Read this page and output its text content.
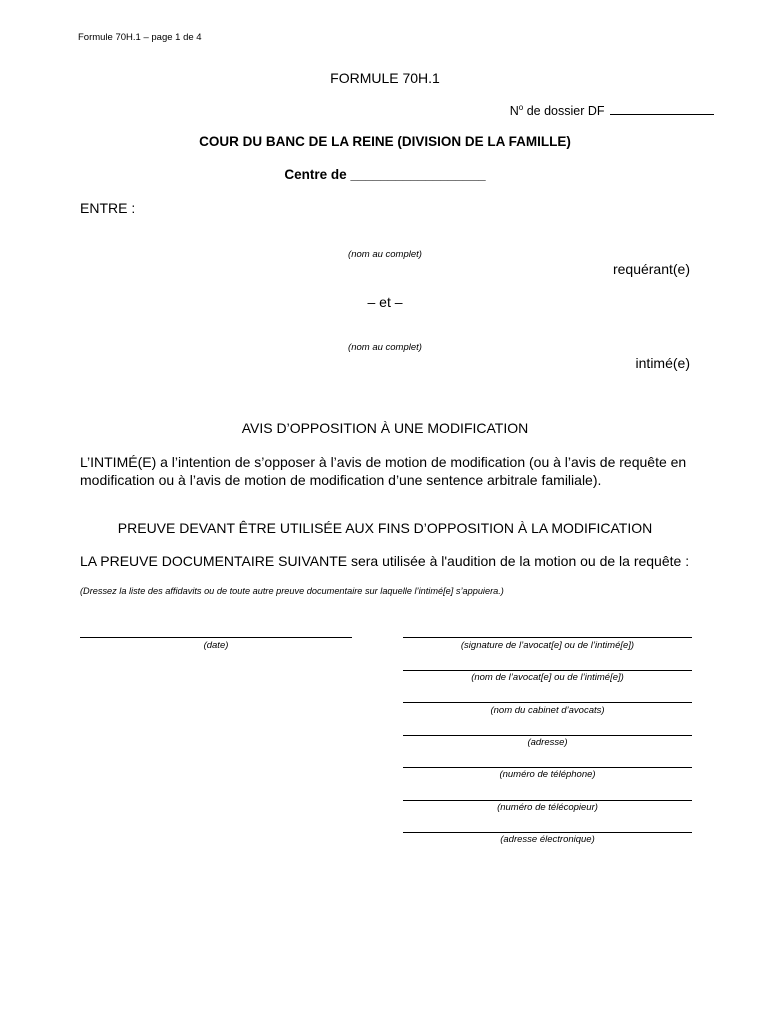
Formule 70H.1 – page 1 de 4
FORMULE 70H.1
$N^o$ de dossier DF
COUR DU BANC DE LA REINE (DIVISION DE LA FAMILLE)
Centre de __________________
ENTRE :
(nom au complet)
requérant(e)
– et –
(nom au complet)
intimé(e)
AVIS D’OPPOSITION À UNE MODIFICATION
L’INTIMÉ(E) a l’intention de s’opposer à l’avis de motion de modification (ou à l’avis de requête en modification ou à l’avis de motion de modification d’une sentence arbitrale familiale).
PREUVE DEVANT ÊTRE UTILISÉE AUX FINS D’OPPOSITION À LA MODIFICATION
LA PREUVE DOCUMENTAIRE SUIVANTE sera utilisée à l'audition de la motion ou de la requête :
(Dressez la liste des affidavits ou de toute autre preuve documentaire sur laquelle l’intimé[e] s’appuiera.)
(date)	(signature de l’avocat[e] ou de l’intimé[e])
(nom de l’avocat[e] ou de l’intimé[e])
(nom du cabinet d’avocats)
(adresse)
(numéro de téléphone)
(numéro de télécopieur)
(adresse électronique)
